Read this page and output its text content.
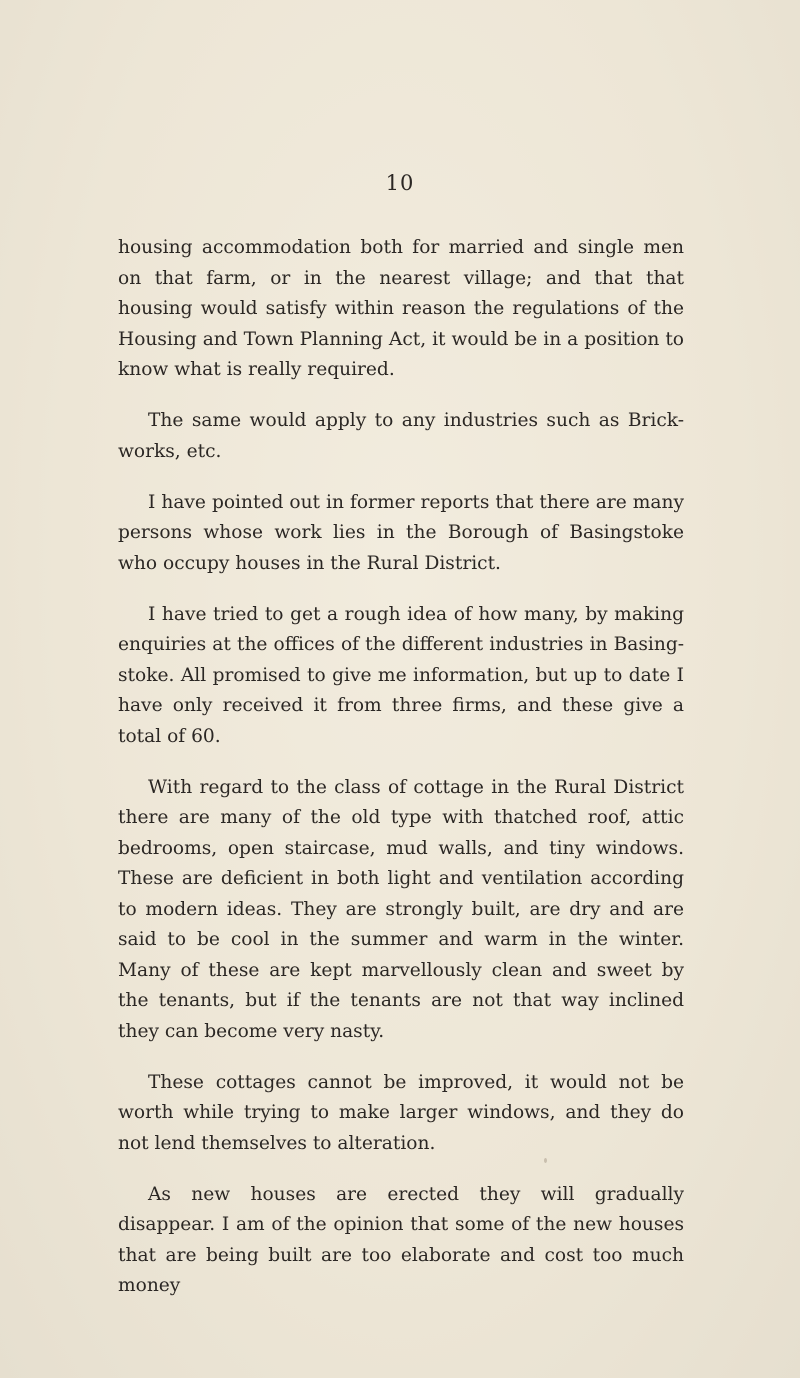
10

housing accommodation both for married and single men on that farm, or in the nearest village; and that that housing would satisfy within reason the regulations of the Housing and Town Planning Act, it would be in a position to know what is really required.

The same would apply to any industries such as Brick-works, etc.

I have pointed out in former reports that there are many persons whose work lies in the Borough of Basingstoke who occupy houses in the Rural District.

I have tried to get a rough idea of how many, by making enquiries at the offices of the different industries in Basing-stoke. All promised to give me information, but up to date I have only received it from three firms, and these give a total of 60.

With regard to the class of cottage in the Rural District there are many of the old type with thatched roof, attic bedrooms, open staircase, mud walls, and tiny windows. These are deficient in both light and ventilation according to modern ideas. They are strongly built, are dry and are said to be cool in the summer and warm in the winter. Many of these are kept marvellously clean and sweet by the tenants, but if the tenants are not that way inclined they can become very nasty.

These cottages cannot be improved, it would not be worth while trying to make larger windows, and they do not lend themselves to alteration.

As new houses are erected they will gradually disappear. I am of the opinion that some of the new houses that are being built are too elaborate and cost too much money
